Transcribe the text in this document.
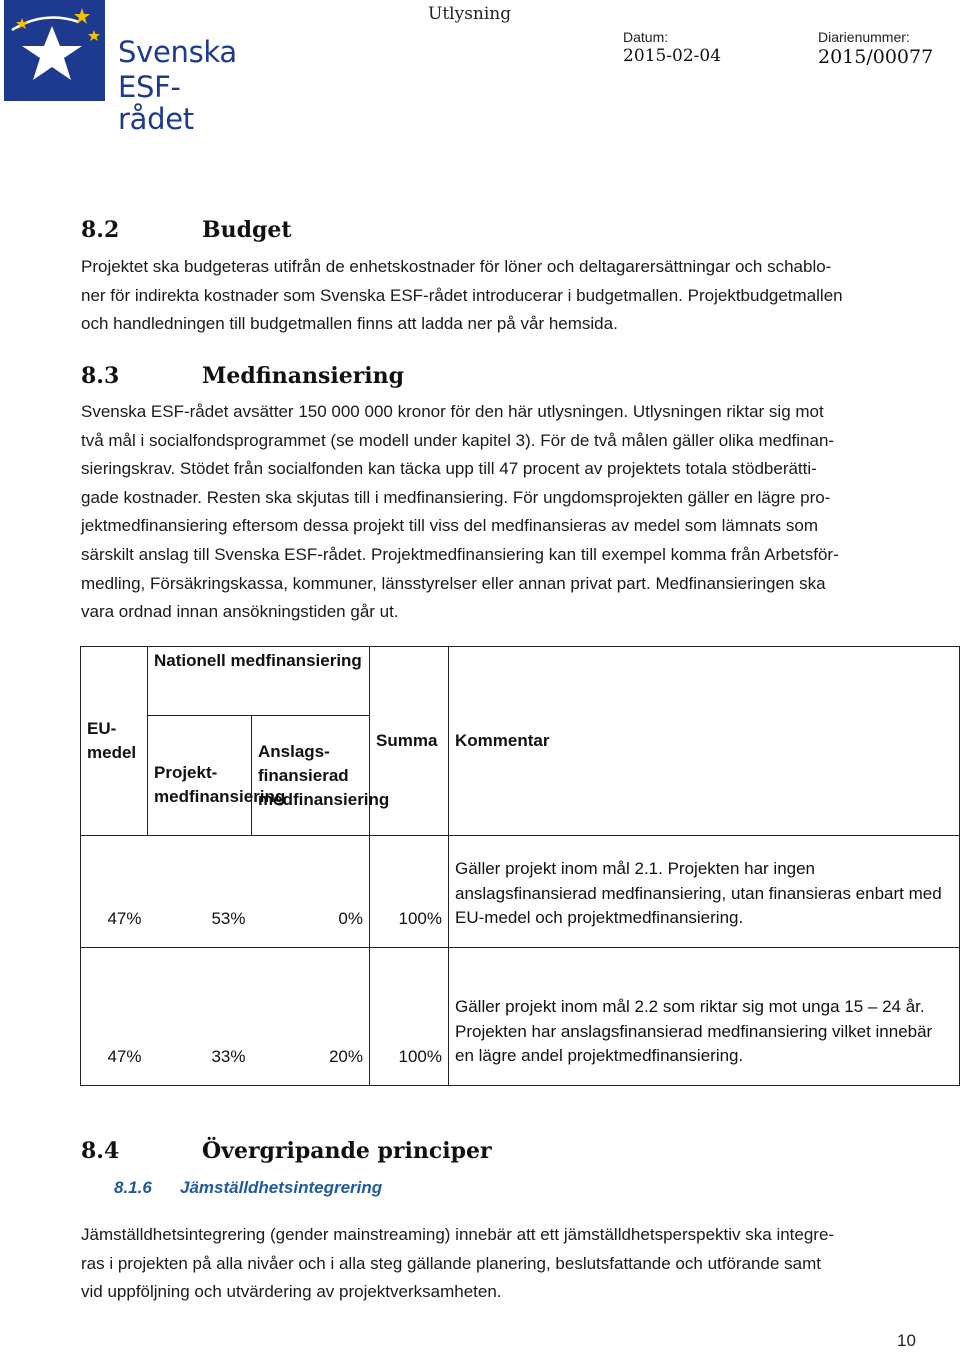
Svenska
ESF-rådet
Utlysning
Datum:
2015-02-04
Diarienummer:
2015/00077
8.2	Budget
Projektet ska budgeteras utifrån de enhetskostnader för löner och deltagarersättningar och schablo-
ner för indirekta kostnader som Svenska ESF-rådet introducerar i budgetmallen. Projektbudgetmallen
och handledningen till budgetmallen finns att ladda ner på vår hemsida.
8.3	Medfinansiering
Svenska ESF-rådet avsätter 150 000 000 kronor för den här utlysningen. Utlysningen riktar sig mot
två mål i socialfondsprogrammet (se modell under kapitel 3). För de två målen gäller olika medfinan-
sieringskrav. Stödet från socialfonden kan täcka upp till 47 procent av projektets totala stödberätti-
gade kostnader. Resten ska skjutas till i medfinansiering. För ungdomsprojekten gäller en lägre pro-
jektmedfinansiering eftersom dessa projekt till viss del medfinansieras av medel som lämnats som
särskilt anslag till Svenska ESF-rådet. Projektmedfinansiering kan till exempel komma från Arbetsför-
medling, Försäkringskassa, kommuner, länsstyrelser eller annan privat part. Medfinansieringen ska
vara ordnad innan ansökningstiden går ut.
EU-medel	Nationell medfinansiering		Summa	Kommentar
	Projekt-medfinansiering	Anslags-finansierad medfinansiering		
47%	53%	0%	100%	Gäller projekt inom mål 2.1. Projekten har ingen anslagsfinansierad medfinansiering, utan finansieras enbart med EU-medel och projektmedfinansiering.
47%	33%	20%	100%	Gäller projekt inom mål 2.2 som riktar sig mot unga 15 – 24 år. Projekten har anslagsfinansierad medfinansiering vilket innebär en lägre andel projektmedfinansiering.
8.4	Övergripande principer
8.1.6 Jämställdhetsintegrering
Jämställdhetsintegrering (gender mainstreaming) innebär att ett jämställdhetsperspektiv ska integre-
ras i projekten på alla nivåer och i alla steg gällande planering, beslutsfattande och utförande samt
vid uppföljning och utvärdering av projektverksamheten.
10
